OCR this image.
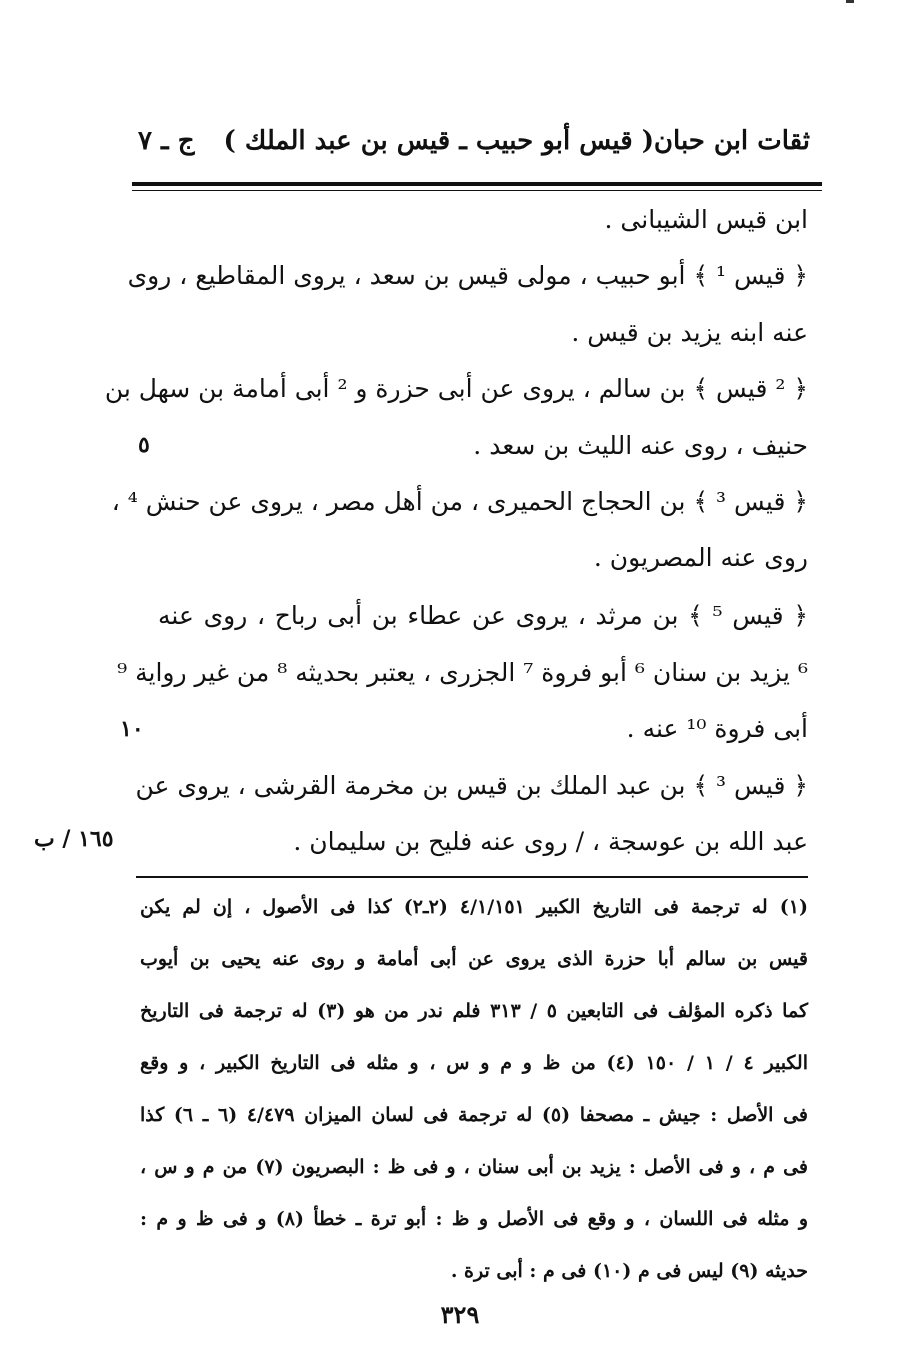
ثقات ابن حبان
( قيس أبو حبيب ـ قيس بن عبد الملك )
ج ـ ٧
ابن قيس الشيبانى .
﴿ قيس ¹ ﴾ أبو حبيب ، مولى قيس بن سعد ، يروى المقاطيع ، روى
عنه ابنه يزيد بن قيس .
﴿ ² قيس ﴾ بن سالم ، يروى عن أبى حزرة و ² أبى أمامة بن سهل بن
حنيف ، روى عنه الليث بن سعد .
﴿ قيس ³ ﴾ بن الحجاج الحميرى ، من أهل مصر ، يروى عن حنش ⁴ ،
روى عنه المصريون .
﴿ قيس ⁵ ﴾ بن مرثد ، يروى عن عطاء بن أبى رباح ، روى عنه
⁶ يزيد بن سنان ⁶ أبو فروة ⁷ الجزرى ، يعتبر بحديثه ⁸ من غير رواية ⁹
أبى فروة ¹⁰ عنه .
﴿ قيس ³ ﴾ بن عبد الملك بن قيس بن مخرمة القرشى ، يروى عن
عبد الله بن عوسجة ، / روى عنه فليح بن سليمان .
٥
١٠
١٦٥ / ب
(١) له ترجمة فى التاريخ الكبير ٤/١/١٥١ (٢ـ٢) كذا فى الأصول ، إن لم يكن
قيس بن سالم أبا حزرة الذى يروى عن أبى أمامة و روى عنه يحيى بن أيوب
كما ذكره المؤلف فى التابعين ٥ / ٣١٣ فلم ندر من هو (٣) له ترجمة فى التاريخ
الكبير ٤ / ١ / ١٥٠ (٤) من ظ و م و س ، و مثله فى التاريخ الكبير ، و وقع
فى الأصل : جيش ـ مصحفا (٥) له ترجمة فى لسان الميزان ٤/٤٧٩ (٦ ـ ٦) كذا
فى م ، و فى الأصل : يزيد بن أبى سنان ، و فى ظ : البصريون (٧) من م و س ،
و مثله فى اللسان ، و وقع فى الأصل و ظ : أبو ترة ـ خطأ (٨) و فى ظ و م :
حديثه (٩) ليس فى م (١٠) فى م : أبى ترة .
٣٢٩
